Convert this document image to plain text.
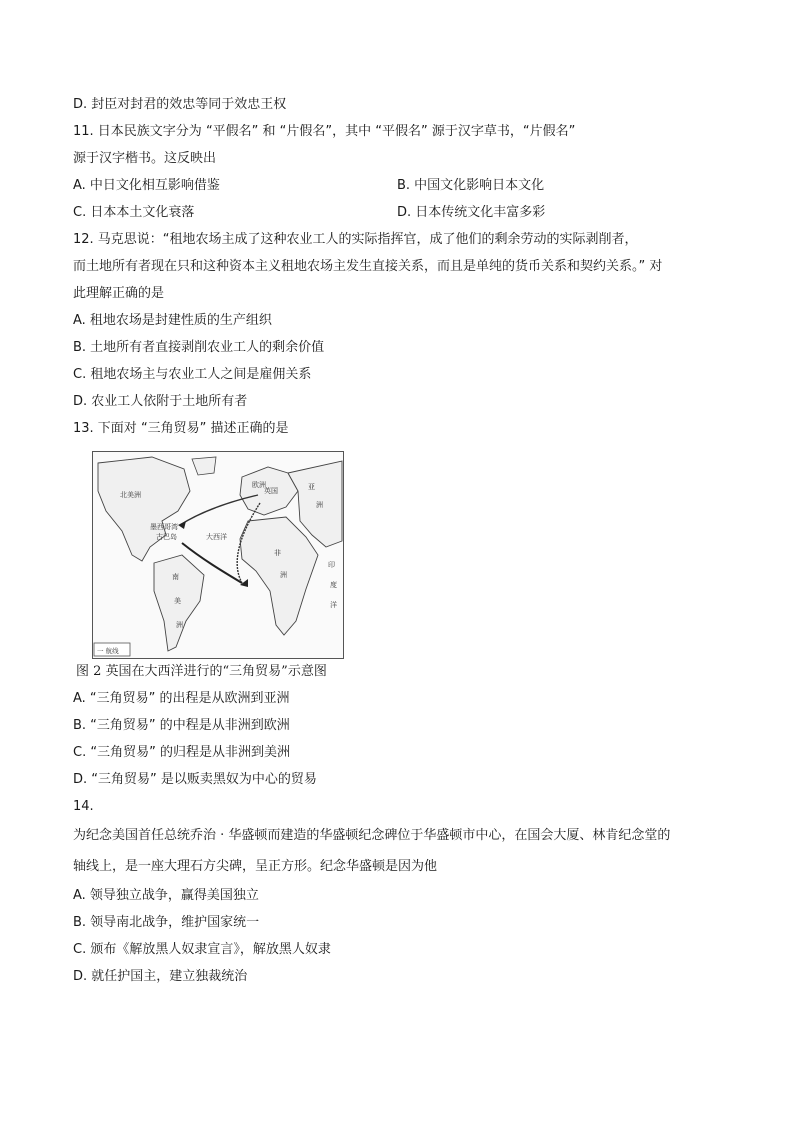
D. 封臣对封君的效忠等同于效忠王权
11. 日本民族文字分为 “平假名” 和 “片假名”，其中 “平假名” 源于汉字草书，“片假名”
源于汉字楷书。这反映出
A. 中日文化相互影响借鉴	B. 中国文化影响日本文化
C. 日本本土文化衰落	D. 日本传统文化丰富多彩
12. 马克思说：“租地农场主成了这种农业工人的实际指挥官，成了他们的剩余劳动的实际剥削者，
而土地所有者现在只和这种资本主义租地农场主发生直接关系，而且是单纯的货币关系和契约关系。” 对
此理解正确的是
A. 租地农场是封建性质的生产组织
B. 土地所有者直接剥削农业工人的剩余价值
C. 租地农场主与农业工人之间是雇佣关系
D. 农业工人依附于土地所有者
13. 下面对 “三角贸易” 描述正确的是
北美洲
南
美
洲
欧洲
英国	亚
洲
非
洲
印
度
洋
大西洋
古巴岛
墨西哥湾
一 航线
图 2 英国在大西洋进行的“三角贸易”示意图
A. “三角贸易” 的出程是从欧洲到亚洲
B. “三角贸易” 的中程是从非洲到欧洲
C. “三角贸易” 的归程是从非洲到美洲
D. “三角贸易” 是以贩卖黑奴为中心的贸易
14.
为纪念美国首任总统乔治 · 华盛顿而建造的华盛顿纪念碑位于华盛顿市中心，在国会大厦、林肯纪念堂的
轴线上，是一座大理石方尖碑，呈正方形。纪念华盛顿是因为他
A. 领导独立战争，赢得美国独立
B. 领导南北战争，维护国家统一
C. 颁布《解放黑人奴隶宣言》，解放黑人奴隶
D. 就任护国主，建立独裁统治
